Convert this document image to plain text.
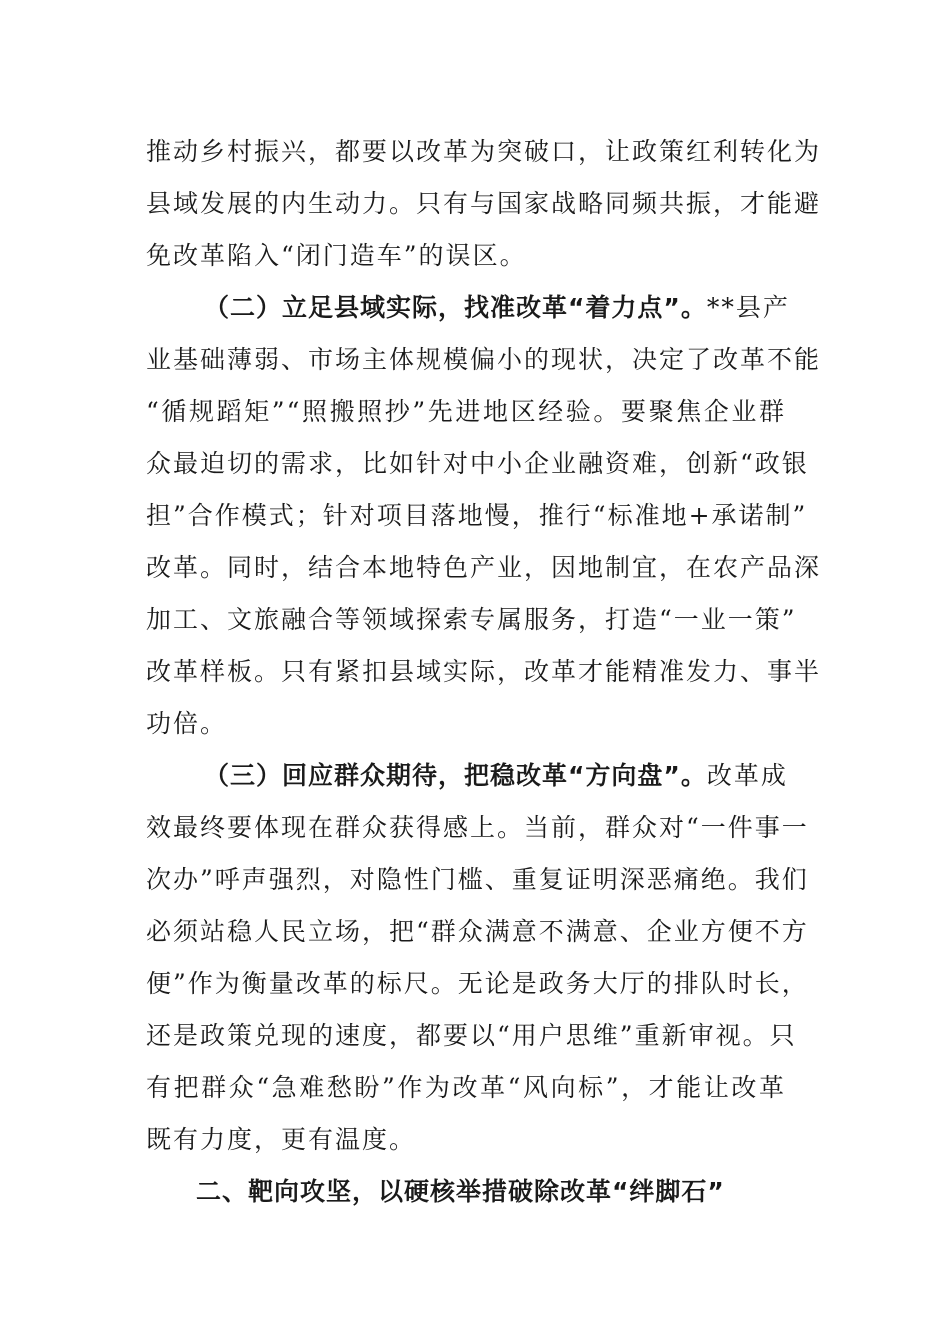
推动乡村振兴，都要以改革为突破口，让政策红利转化为
县域发展的内生动力。只有与国家战略同频共振，才能避
免改革陷入“闭门造车”的误区。
（二）立足县域实际，找准改革“着力点”。**县产
业基础薄弱、市场主体规模偏小的现状，决定了改革不能
“循规蹈矩”“照搬照抄”先进地区经验。要聚焦企业群
众最迫切的需求，比如针对中小企业融资难，创新“政银
担”合作模式；针对项目落地慢，推行“标准地+承诺制”
改革。同时，结合本地特色产业，因地制宜，在农产品深
加工、文旅融合等领域探索专属服务，打造“一业一策”
改革样板。只有紧扣县域实际，改革才能精准发力、事半
功倍。
（三）回应群众期待，把稳改革“方向盘”。改革成
效最终要体现在群众获得感上。当前，群众对“一件事一
次办”呼声强烈，对隐性门槛、重复证明深恶痛绝。我们
必须站稳人民立场，把“群众满意不满意、企业方便不方
便”作为衡量改革的标尺。无论是政务大厅的排队时长，
还是政策兑现的速度，都要以“用户思维”重新审视。只
有把群众“急难愁盼”作为改革“风向标”，才能让改革
既有力度，更有温度。
二、靶向攻坚，以硬核举措破除改革“绊脚石”
